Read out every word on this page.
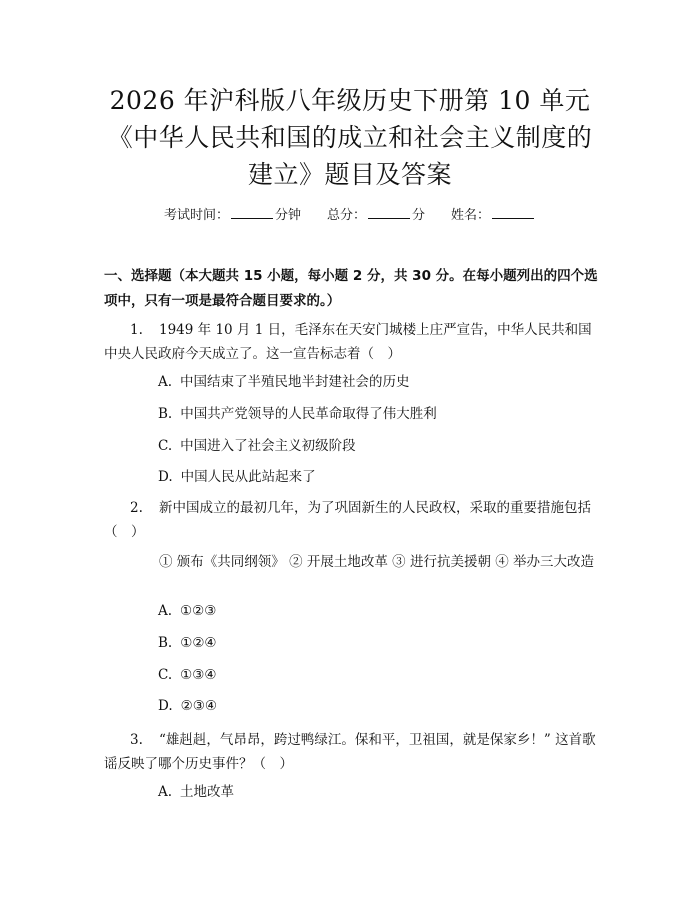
2026 年沪科版八年级历史下册第 10 单元
《中华人民共和国的成立和社会主义制度的
建立》题目及答案
考试时间：	分钟 总分：	分 姓名：
一、选择题（本大题共 15 小题，每小题 2 分，共 30 分。在每小题列出的四个选项中，只有一项是最符合题目要求的。）
1. 1949 年 10 月 1 日，毛泽东在天安门城楼上庄严宣告，中华人民共和国中央人民政府今天成立了。这一宣告标志着（　）
A. 中国结束了半殖民地半封建社会的历史
B. 中国共产党领导的人民革命取得了伟大胜利
C. 中国进入了社会主义初级阶段
D. 中国人民从此站起来了
2. 新中国成立的最初几年，为了巩固新生的人民政权，采取的重要措施包括（　）
① 颁布《共同纲领》 ② 开展土地改革 ③ 进行抗美援朝 ④ 举办三大改造
A. ①②③
B. ①②④
C. ①③④
D. ②③④
3. “雄赳赳，气昂昂，跨过鸭绿江。保和平，卫祖国，就是保家乡！” 这首歌谣反映了哪个历史事件？（　）
A. 土地改革
